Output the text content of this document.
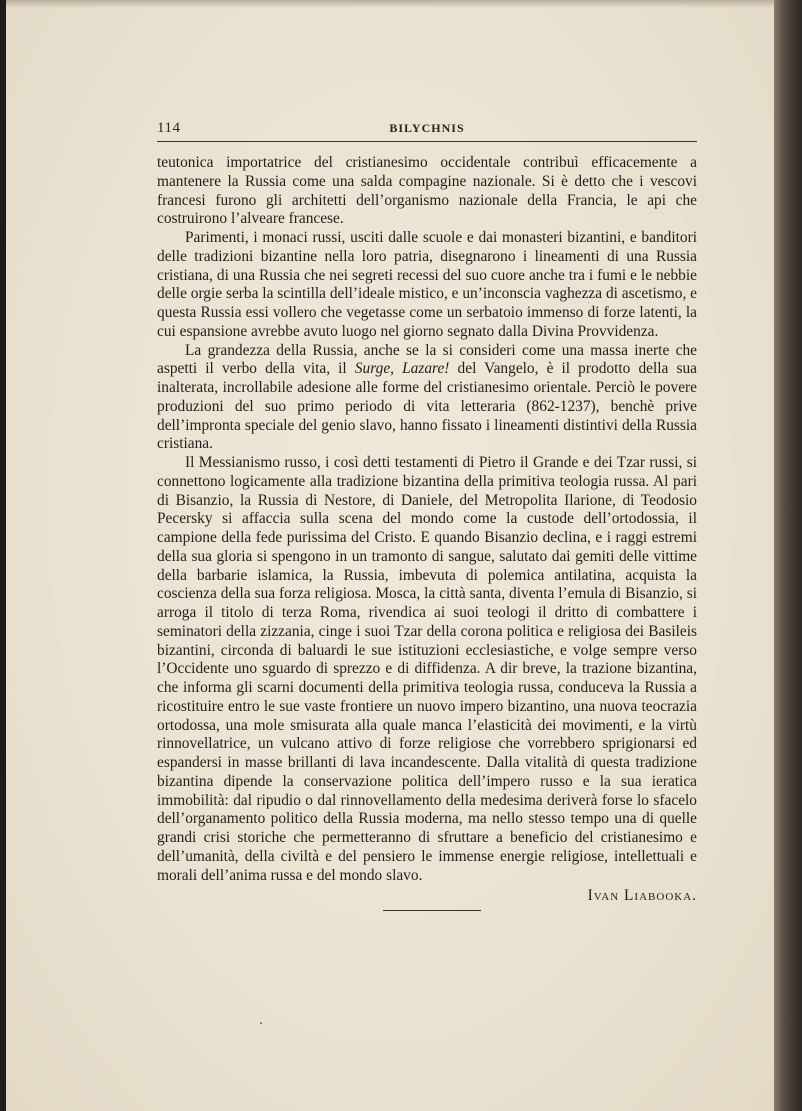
114	BILYCHNIS

teutonica importatrice del cristianesimo occidentale contribuì efficacemente a mantenere la Russia come una salda compagine nazionale. Si è detto che i vescovi francesi furono gli architetti dell’organismo nazionale della Francia, le api che costruirono l’alveare francese.

Parimenti, i monaci russi, usciti dalle scuole e dai monasteri bizantini, e banditori delle tradizioni bizantine nella loro patria, disegnarono i lineamenti di una Russia cristiana, di una Russia che nei segreti recessi del suo cuore anche tra i fumi e le nebbie delle orgie serba la scintilla dell’ideale mistico, e un’inconscia vaghezza di ascetismo, e questa Russia essi vollero che vegetasse come un serbatoio immenso di forze latenti, la cui espansione avrebbe avuto luogo nel giorno segnato dalla Divina Provvidenza.

La grandezza della Russia, anche se la si consideri come una massa inerte che aspetti il verbo della vita, il Surge, Lazare! del Vangelo, è il prodotto della sua inalterata, incrollabile adesione alle forme del cristianesimo orientale. Perciò le povere produzioni del suo primo periodo di vita letteraria (862-1237), benchè prive dell’impronta speciale del genio slavo, hanno fissato i lineamenti distintivi della Russia cristiana.

Il Messianismo russo, i così detti testamenti di Pietro il Grande e dei Tzar russi, si connettono logicamente alla tradizione bizantina della primitiva teologia russa. Al pari di Bisanzio, la Russia di Nestore, di Daniele, del Metropolita Ilarione, di Teodosio Pecersky si affaccia sulla scena del mondo come la custode dell’ortodossia, il campione della fede purissima del Cristo. E quando Bisanzio declina, e i raggi estremi della sua gloria si spengono in un tramonto di sangue, salutato dai gemiti delle vittime della barbarie islamica, la Russia, imbevuta di polemica antilatina, acquista la coscienza della sua forza religiosa. Mosca, la città santa, diventa l’emula di Bisanzio, si arroga il titolo di terza Roma, rivendica ai suoi teologi il dritto di combattere i seminatori della zizzania, cinge i suoi Tzar della corona politica e religiosa dei Basileis bizantini, circonda di baluardi le sue istituzioni ecclesiastiche, e volge sempre verso l’Occidente uno sguardo di sprezzo e di diffidenza. A dir breve, la trazione bizantina, che informa gli scarni documenti della primitiva teologia russa, conduceva la Russia a ricostituire entro le sue vaste frontiere un nuovo impero bizantino, una nuova teocrazia ortodossa, una mole smisurata alla quale manca l’elasticità dei movimenti, e la virtù rinnovellatrice, un vulcano attivo di forze religiose che vorrebbero sprigionarsi ed espandersi in masse brillanti di lava incandescente. Dalla vitalità di questa tradizione bizantina dipende la conservazione politica dell’impero russo e la sua ieratica immobilità: dal ripudio o dal rinnovellamento della medesima deriverà forse lo sfacelo dell’organamento politico della Russia moderna, ma nello stesso tempo una di quelle grandi crisi storiche che permetteranno di sfruttare a beneficio del cristianesimo e dell’umanità, della civiltà e del pensiero le immense energie religiose, intellettuali e morali dell’anima russa e del mondo slavo.

Ivan Liabooka.
